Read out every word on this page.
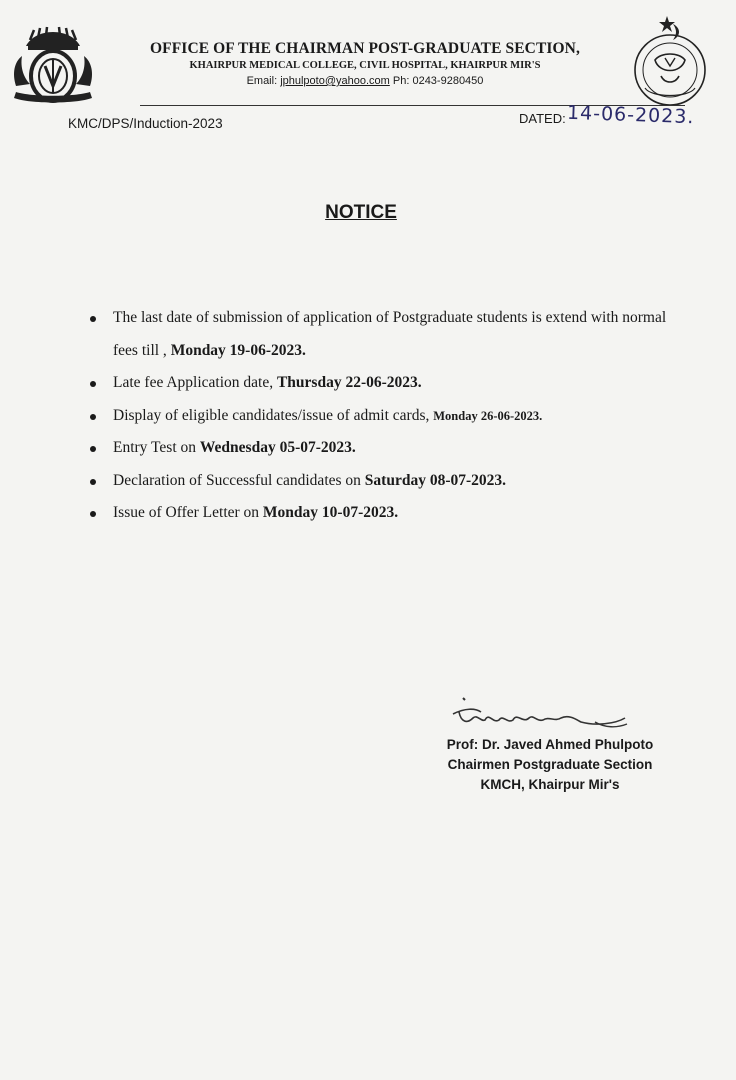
OFFICE OF THE CHAIRMAN POST-GRADUATE SECTION,
KHAIRPUR MEDICAL COLLEGE, CIVIL HOSPITAL, KHAIRPUR MIR'S
Email: jphulpoto@yahoo.com Ph: 0243-9280450
KMC/DPS/Induction-2023	DATED: 14-06-2023.
NOTICE
The last date of submission of application of Postgraduate students is extend with normal fees till , Monday 19-06-2023.
Late fee Application date, Thursday 22-06-2023.
Display of eligible candidates/issue of admit cards, Monday 26-06-2023.
Entry Test on Wednesday 05-07-2023.
Declaration of Successful candidates on Saturday 08-07-2023.
Issue of Offer Letter on Monday 10-07-2023.
Prof: Dr. Javed Ahmed Phulpoto
Chairmen Postgraduate Section
KMCH, Khairpur Mir's
